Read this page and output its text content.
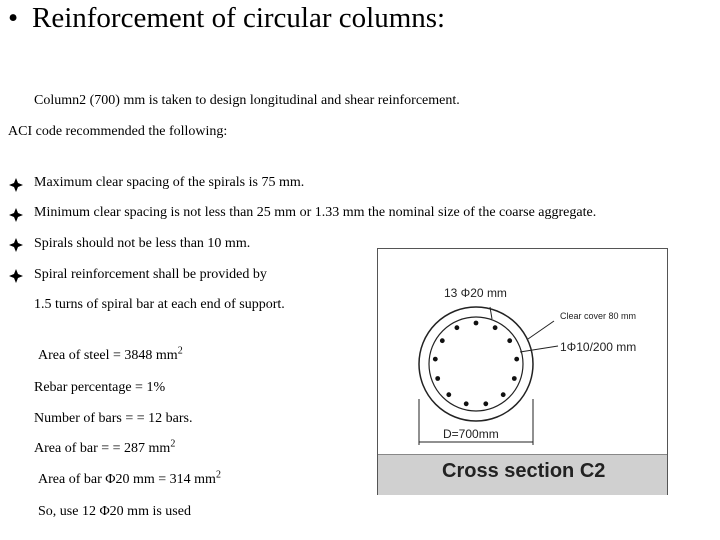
• Reinforcement of circular columns:
Column2 (700) mm is taken to design longitudinal and shear reinforcement.
ACI code recommended the following:
Maximum clear spacing of the spirals is 75 mm.
Minimum clear spacing is not less than 25 mm or 1.33 mm the nominal size of the coarse aggregate.
Spirals should not be less than 10 mm.
Spiral reinforcement shall be provided by
1.5 turns of spiral bar at each end of support.
Area of steel = 3848 $mm^2$
Rebar percentage = 1%
Number of bars = = 12 bars.
Area of bar = = 287 $mm^2$
Area of bar Φ20 mm = 314 $mm^2$
So, use 12 Φ20 mm is used
13 Φ20 mm
Clear cover 80 mm
1Φ10/200 mm
D=700mm
Cross section C2
